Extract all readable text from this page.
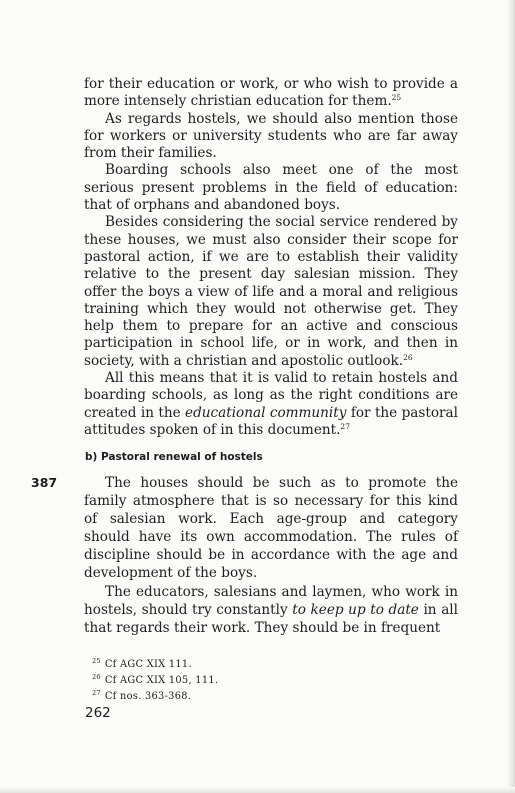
for their education or work, or who wish to provide a more intensely christian education for them.$^{25}$

As regards hostels, we should also mention those for workers or university students who are far away from their families.

Boarding schools also meet one of the most serious present problems in the field of education: that of orphans and abandoned boys.

Besides considering the social service rendered by these houses, we must also consider their scope for pastoral action, if we are to establish their validity relative to the present day salesian mission. They offer the boys a view of life and a moral and religious training which they would not otherwise get. They help them to prepare for an active and conscious participation in school life, or in work, and then in society, with a christian and apostolic outlook.$^{26}$

All this means that it is valid to retain hostels and boarding schools, as long as the right conditions are created in the educational community for the pastoral attitudes spoken of in this document.$^{27}$

b) Pastoral renewal of hostels
387	The houses should be such as to promote the family atmosphere that is so necessary for this kind of salesian work. Each age-group and category should have its own accommodation. The rules of discipline should be in accordance with the age and development of the boys.

The educators, salesians and laymen, who work in hostels, should try constantly to keep up to date in all that regards their work. They should be in frequent

$^{25}$ Cf AGC XIX 111.
$^{26}$ Cf AGC XIX 105, 111.
$^{27}$ Cf nos. 363-368.
262
